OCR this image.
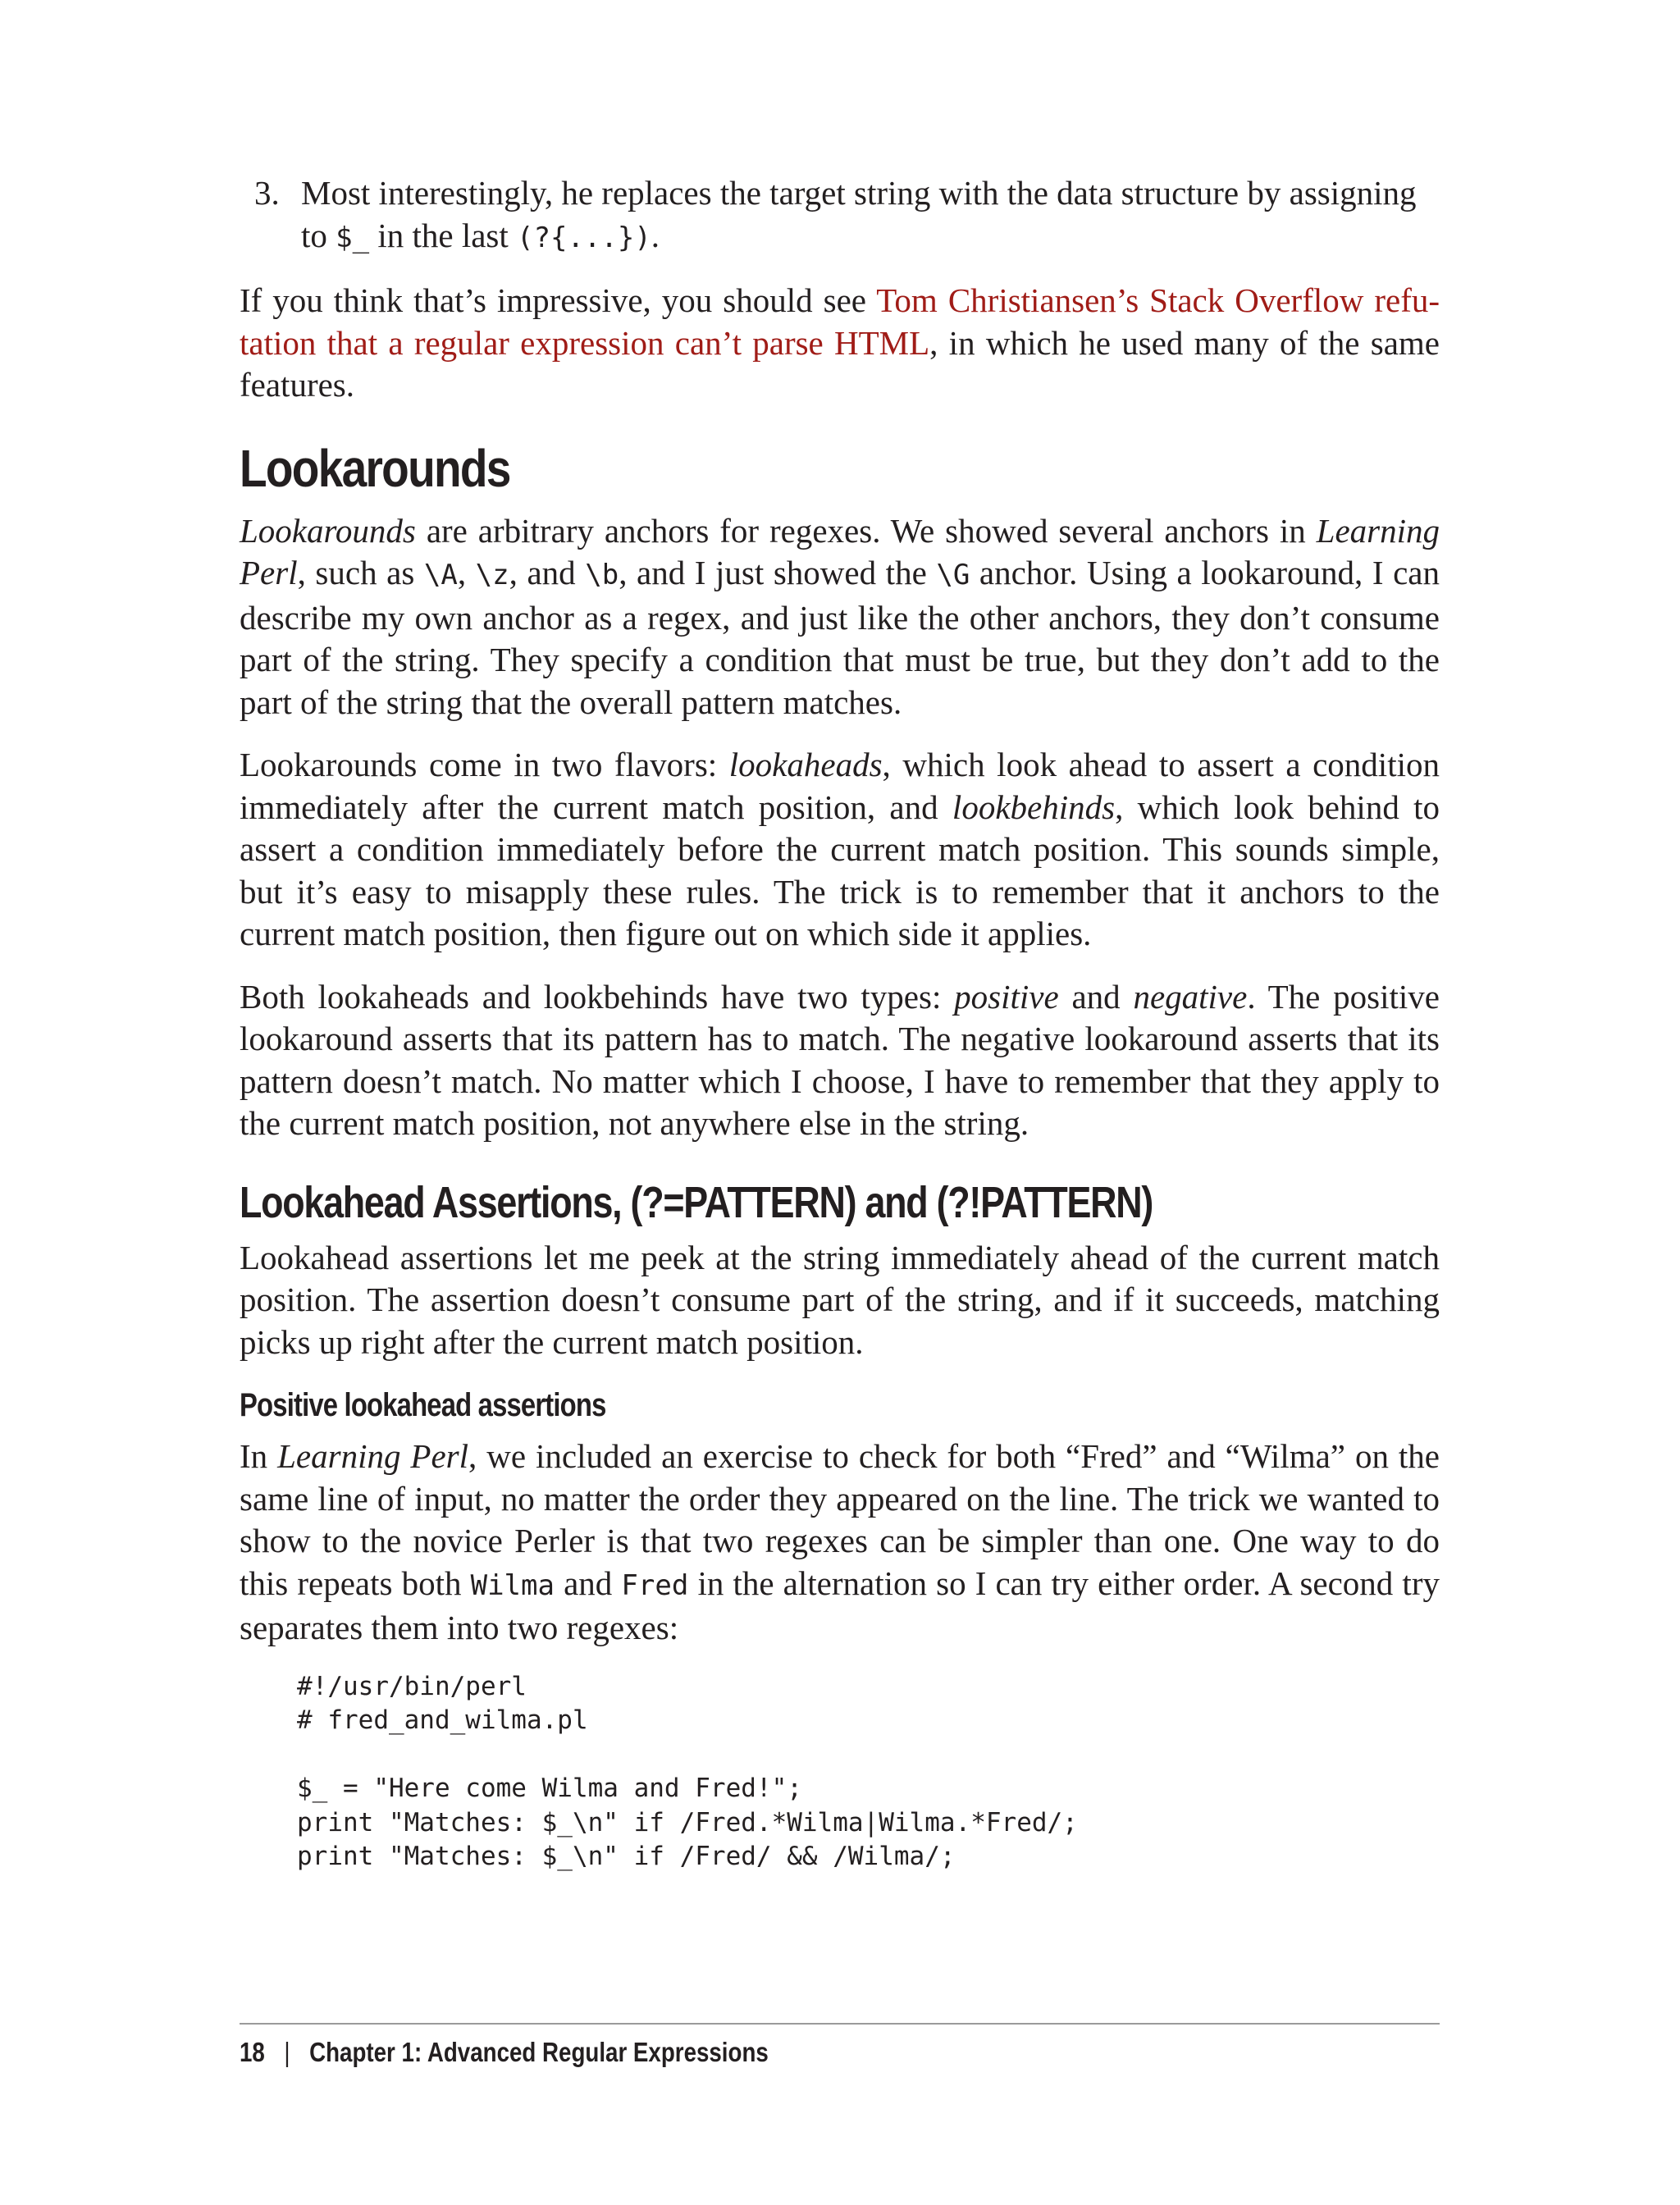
3. Most interestingly, he replaces the target string with the data structure by assigning to $_ in the last (?{...}).

If you think that’s impressive, you should see Tom Christiansen’s Stack Overflow refutation that a regular expression can’t parse HTML, in which he used many of the same features.

Lookarounds

Lookarounds are arbitrary anchors for regexes. We showed several anchors in Learning Perl, such as \A, \z, and \b, and I just showed the \G anchor. Using a lookaround, I can describe my own anchor as a regex, and just like the other anchors, they don’t consume part of the string. They specify a condition that must be true, but they don’t add to the part of the string that the overall pattern matches.

Lookarounds come in two flavors: lookaheads, which look ahead to assert a condition immediately after the current match position, and lookbehinds, which look behind to assert a condition immediately before the current match position. This sounds simple, but it’s easy to misapply these rules. The trick is to remember that it anchors to the current match position, then figure out on which side it applies.

Both lookaheads and lookbehinds have two types: positive and negative. The positive lookaround asserts that its pattern has to match. The negative lookaround asserts that its pattern doesn’t match. No matter which I choose, I have to remember that they apply to the current match position, not anywhere else in the string.

Lookahead Assertions, (?=PATTERN) and (?!PATTERN)

Lookahead assertions let me peek at the string immediately ahead of the current match position. The assertion doesn’t consume part of the string, and if it succeeds, matching picks up right after the current match position.

Positive lookahead assertions

In Learning Perl, we included an exercise to check for both “Fred” and “Wilma” on the same line of input, no matter the order they appeared on the line. The trick we wanted to show to the novice Perler is that two regexes can be simpler than one. One way to do this repeats both Wilma and Fred in the alternation so I can try either order. A second try separates them into two regexes:

#!/usr/bin/perl
# fred_and_wilma.pl

$_ = "Here come Wilma and Fred!";
print "Matches: $_\n" if /Fred.*Wilma|Wilma.*Fred/;
print "Matches: $_\n" if /Fred/ && /Wilma/;
18 | Chapter 1: Advanced Regular Expressions
